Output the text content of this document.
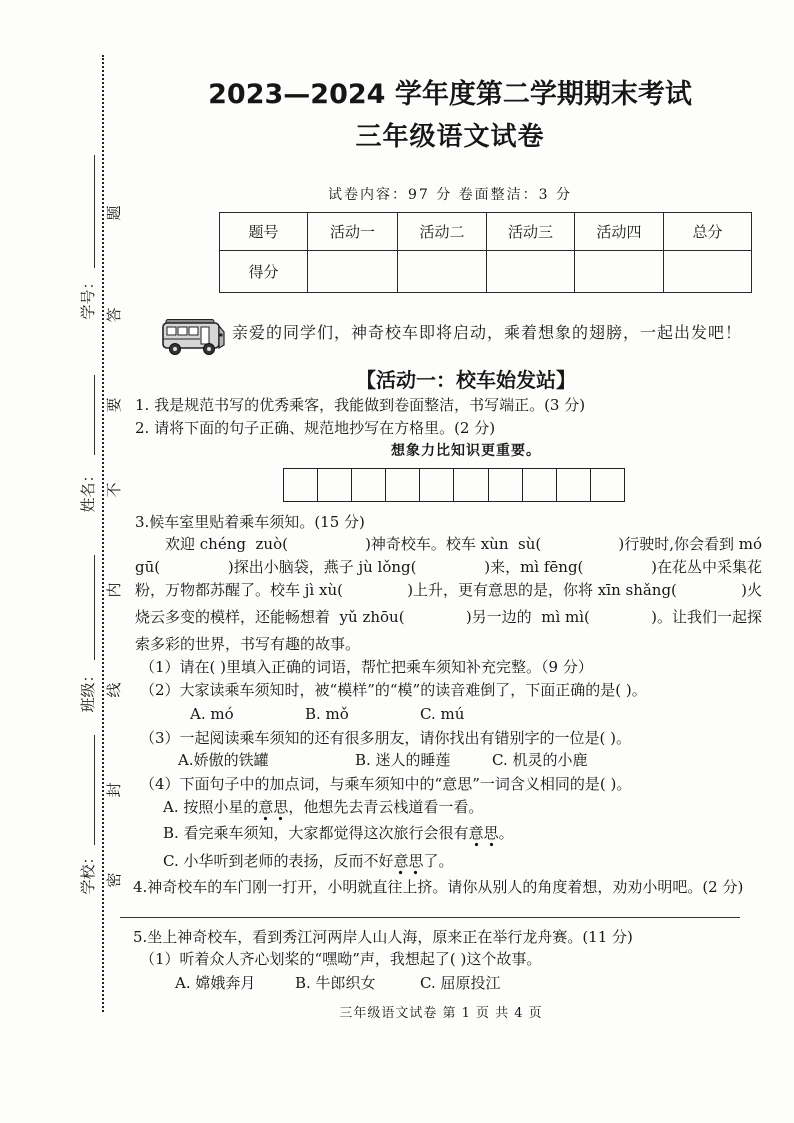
学号：
姓名：
班级：
学校：
题
答
要
不
内
线
封
密
2023—2024 学年度第二学期期末考试
三年级语文试卷
试卷内容：97 分 卷面整洁：3 分
题号	活动一	活动二	活动三	活动四	总分
得分					
亲爱的同学们，神奇校车即将启动，乘着想象的翅膀，一起出发吧！
【活动一：校车始发站】
1. 我是规范书写的优秀乘客，我能做到卷面整洁，书写端正。(3 分)
2. 请将下面的句子正确、规范地抄写在方格里。(2 分)
想象力比知识更重要。
3.候车室里贴着乘车须知。(15 分)
欢迎 chéng  zuò(	)神奇校车。校车 xùn  sù(	)行驶时,你会看到 mó
gū(	)探出小脑袋，燕子 jù lǒng(	)来，mì fēng(	)在花丛中采集花
粉，万物都苏醒了。校车 jì xù(	)上升，更有意思的是，你将 xīn shǎng(	)火
烧云多变的模样，还能畅想着  yǔ zhōu(	)另一边的  mì mì(	)。让我们一起探
索多彩的世界，书写有趣的故事。
（1）请在( )里填入正确的词语，帮忙把乘车须知补充完整。（9 分）
（2）大家读乘车须知时，被“模样”的“模”的读音难倒了，下面正确的是( )。
A. mó	B. mǒ	C. mú
（3）一起阅读乘车须知的还有很多朋友，请你找出有错别字的一位是( )。
A.娇傲的铁罐	B. 迷人的睡莲	C. 机灵的小鹿
（4）下面句子中的加点词，与乘车须知中的“意思”一词含义相同的是( )。
A. 按照小星的意思，他想先去青云栈道看一看。
B. 看完乘车须知，大家都觉得这次旅行会很有意思。
C. 小华听到老师的表扬，反而不好意思了。
4.神奇校车的车门刚一打开，小明就直往上挤。请你从别人的角度着想，劝劝小明吧。(2 分)
5.坐上神奇校车，看到秀江河两岸人山人海，原来正在举行龙舟赛。(11 分)
（1）听着众人齐心划桨的“嘿呦”声，我想起了( )这个故事。
A. 嫦娥奔月	B. 牛郎织女	C. 屈原投江
三年级语文试卷 第 1 页 共 4 页
